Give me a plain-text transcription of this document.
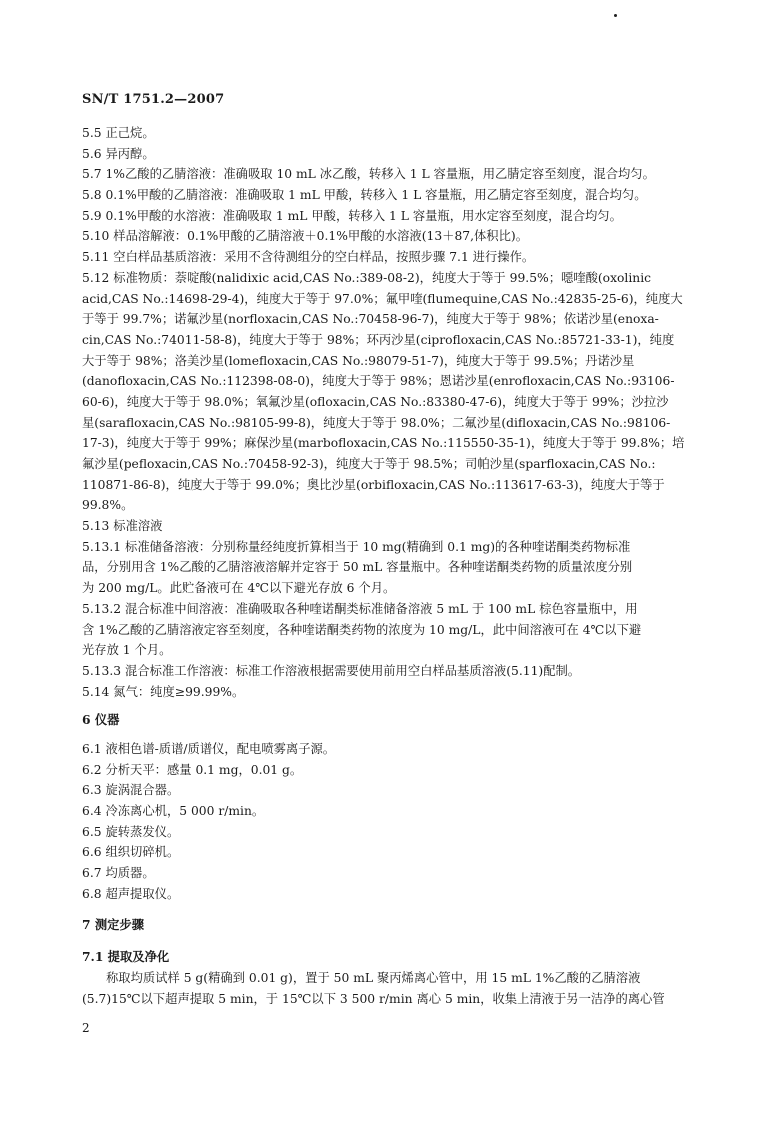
SN/T 1751.2—2007
5.5 正己烷。
5.6 异丙醇。
5.7 1%乙酸的乙腈溶液：准确吸取 10 mL 冰乙酸，转移入 1 L 容量瓶，用乙腈定容至刻度，混合均匀。
5.8 0.1%甲酸的乙腈溶液：准确吸取 1 mL 甲酸，转移入 1 L 容量瓶，用乙腈定容至刻度，混合均匀。
5.9 0.1%甲酸的水溶液：准确吸取 1 mL 甲酸，转移入 1 L 容量瓶，用水定容至刻度，混合均匀。
5.10 样品溶解液：0.1%甲酸的乙腈溶液＋0.1%甲酸的水溶液(13＋87,体积比)。
5.11 空白样品基质溶液：采用不含待测组分的空白样品，按照步骤 7.1 进行操作。
5.12 标准物质：萘啶酸(nalidixic acid,CAS No.:389-08-2)，纯度大于等于 99.5%；噁喹酸(oxolinic
acid,CAS No.:14698-29-4)，纯度大于等于 97.0%；氟甲喹(flumequine,CAS No.:42835-25-6)，纯度大
于等于 99.7%；诺氟沙星(norfloxacin,CAS No.:70458-96-7)，纯度大于等于 98%；依诺沙星(enoxa-
cin,CAS No.:74011-58-8)，纯度大于等于 98%；环丙沙星(ciprofloxacin,CAS No.:85721-33-1)，纯度
大于等于 98%；洛美沙星(lomefloxacin,CAS No.:98079-51-7)，纯度大于等于 99.5%；丹诺沙星
(danofloxacin,CAS No.:112398-08-0)，纯度大于等于 98%；恩诺沙星(enrofloxacin,CAS No.:93106-
60-6)，纯度大于等于 98.0%；氧氟沙星(ofloxacin,CAS No.:83380-47-6)，纯度大于等于 99%；沙拉沙
星(sarafloxacin,CAS No.:98105-99-8)，纯度大于等于 98.0%；二氟沙星(difloxacin,CAS No.:98106-
17-3)，纯度大于等于 99%；麻保沙星(marbofloxacin,CAS No.:115550-35-1)，纯度大于等于 99.8%；培
氟沙星(pefloxacin,CAS No.:70458-92-3)，纯度大于等于 98.5%；司帕沙星(sparfloxacin,CAS No.:
110871-86-8)，纯度大于等于 99.0%；奥比沙星(orbifloxacin,CAS No.:113617-63-3)，纯度大于等于
99.8%。
5.13 标准溶液
5.13.1 标准储备溶液：分别称量经纯度折算相当于 10 mg(精确到 0.1 mg)的各种喹诺酮类药物标准
品，分别用含 1%乙酸的乙腈溶液溶解并定容于 50 mL 容量瓶中。各种喹诺酮类药物的质量浓度分别
为 200 mg/L。此贮备液可在 4℃以下避光存放 6 个月。
5.13.2 混合标准中间溶液：准确吸取各种喹诺酮类标准储备溶液 5 mL 于 100 mL 棕色容量瓶中，用
含 1%乙酸的乙腈溶液定容至刻度，各种喹诺酮类药物的浓度为 10 mg/L，此中间溶液可在 4℃以下避
光存放 1 个月。
5.13.3 混合标准工作溶液：标准工作溶液根据需要使用前用空白样品基质溶液(5.11)配制。
5.14 氮气：纯度≥99.99%。
6 仪器
6.1 液相色谱-质谱/质谱仪，配电喷雾离子源。
6.2 分析天平：感量 0.1 mg，0.01 g。
6.3 旋涡混合器。
6.4 冷冻离心机，5 000 r/min。
6.5 旋转蒸发仪。
6.6 组织切碎机。
6.7 均质器。
6.8 超声提取仪。
7 测定步骤
7.1 提取及净化
称取均质试样 5 g(精确到 0.01 g)，置于 50 mL 聚丙烯离心管中，用 15 mL 1%乙酸的乙腈溶液
(5.7)15℃以下超声提取 5 min，于 15℃以下 3 500 r/min 离心 5 min，收集上清液于另一洁净的离心管
2
